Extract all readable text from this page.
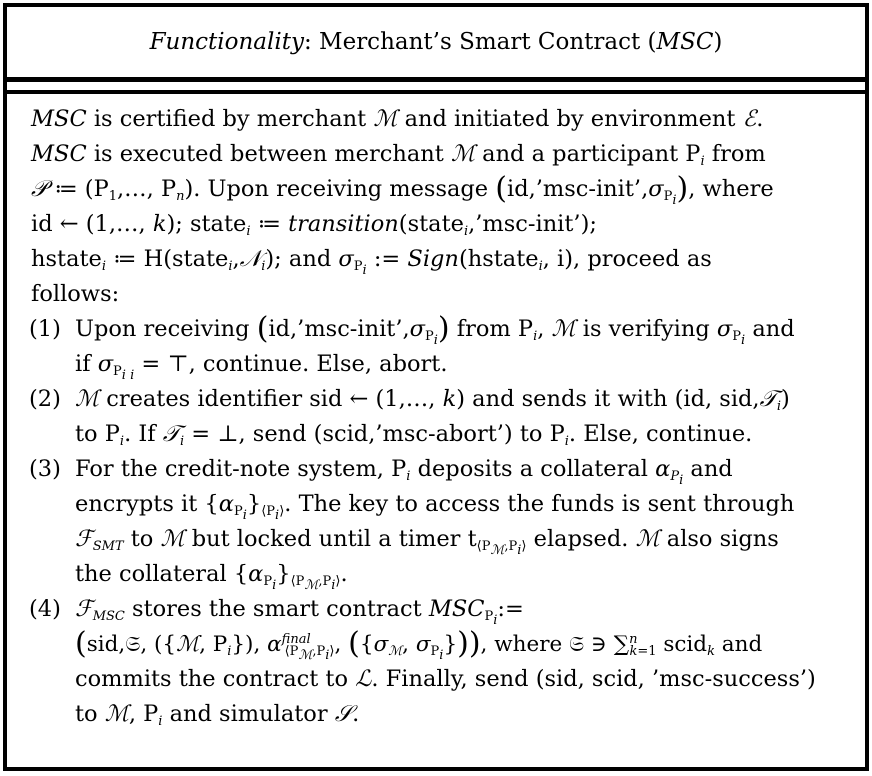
Functionality: Merchant’s Smart Contract (MSC)
MSC is certified by merchant ℳ and initiated by environment ℰ.
MSC is executed between merchant ℳ and a participant $P_i$ from
𝒫 ≔ ($P_1,\dots$, $P_n$). Upon receiving message $(id,’msc-init’,\sigma_{P_i})$, where
id ← (1,…, k); state$_i$ ≔ transition(state$_i$,’msc-init’);
hstate$_i$ ≔ H(state$_i$,𝒩$_i$); and $\sigma_{P_i}$ := Sign(hstate$_i$, i), proceed as
follows:
(1) Upon receiving $(id,’msc-init’,\sigma_{P_i})$ from $P_i$, ℳ is verifying $\sigma_{P_i}$ and
if $\sigma_{P_{i i}}$ = ⊤, continue. Else, abort.
(2) ℳ creates identifier sid ← (1,…, k) and sends it with (id, sid,𝒯$_i$)
to $P_i$. If 𝒯$_i$ = ⊥, send (scid,’msc-abort’) to $P_i$. Else, continue.
(3) For the credit-note system, $P_i$ deposits a collateral $\alpha_{P_i}$ and
encrypts it $\{\alpha_{P_i}\}_{⟨P_i⟩}$. The key to access the funds is sent through
ℱ$_{SMT}$ to ℳ but locked until a timer $t_{⟨P_ℳ,P_i⟩}$ elapsed. ℳ also signs
the collateral $\{\alpha_{P_i}\}_{⟨P_ℳ,P_i⟩}$.
(4) ℱ$_{MSC}$ stores the smart contract $MSC_{P_i}:=$
(sid,𝔖, ({ℳ, $P_i$}), $\alpha^{final}_{⟨P_ℳ,P_i⟩}$, ({$\sigma_ℳ$, $\sigma_{P_i}$})), where 𝔖 ∋ ∑$^n_{k=1}$ scid$_k$ and
commits the contract to ℒ. Finally, send (sid, scid, ’msc-success’)
to ℳ, $P_i$ and simulator 𝒮.
